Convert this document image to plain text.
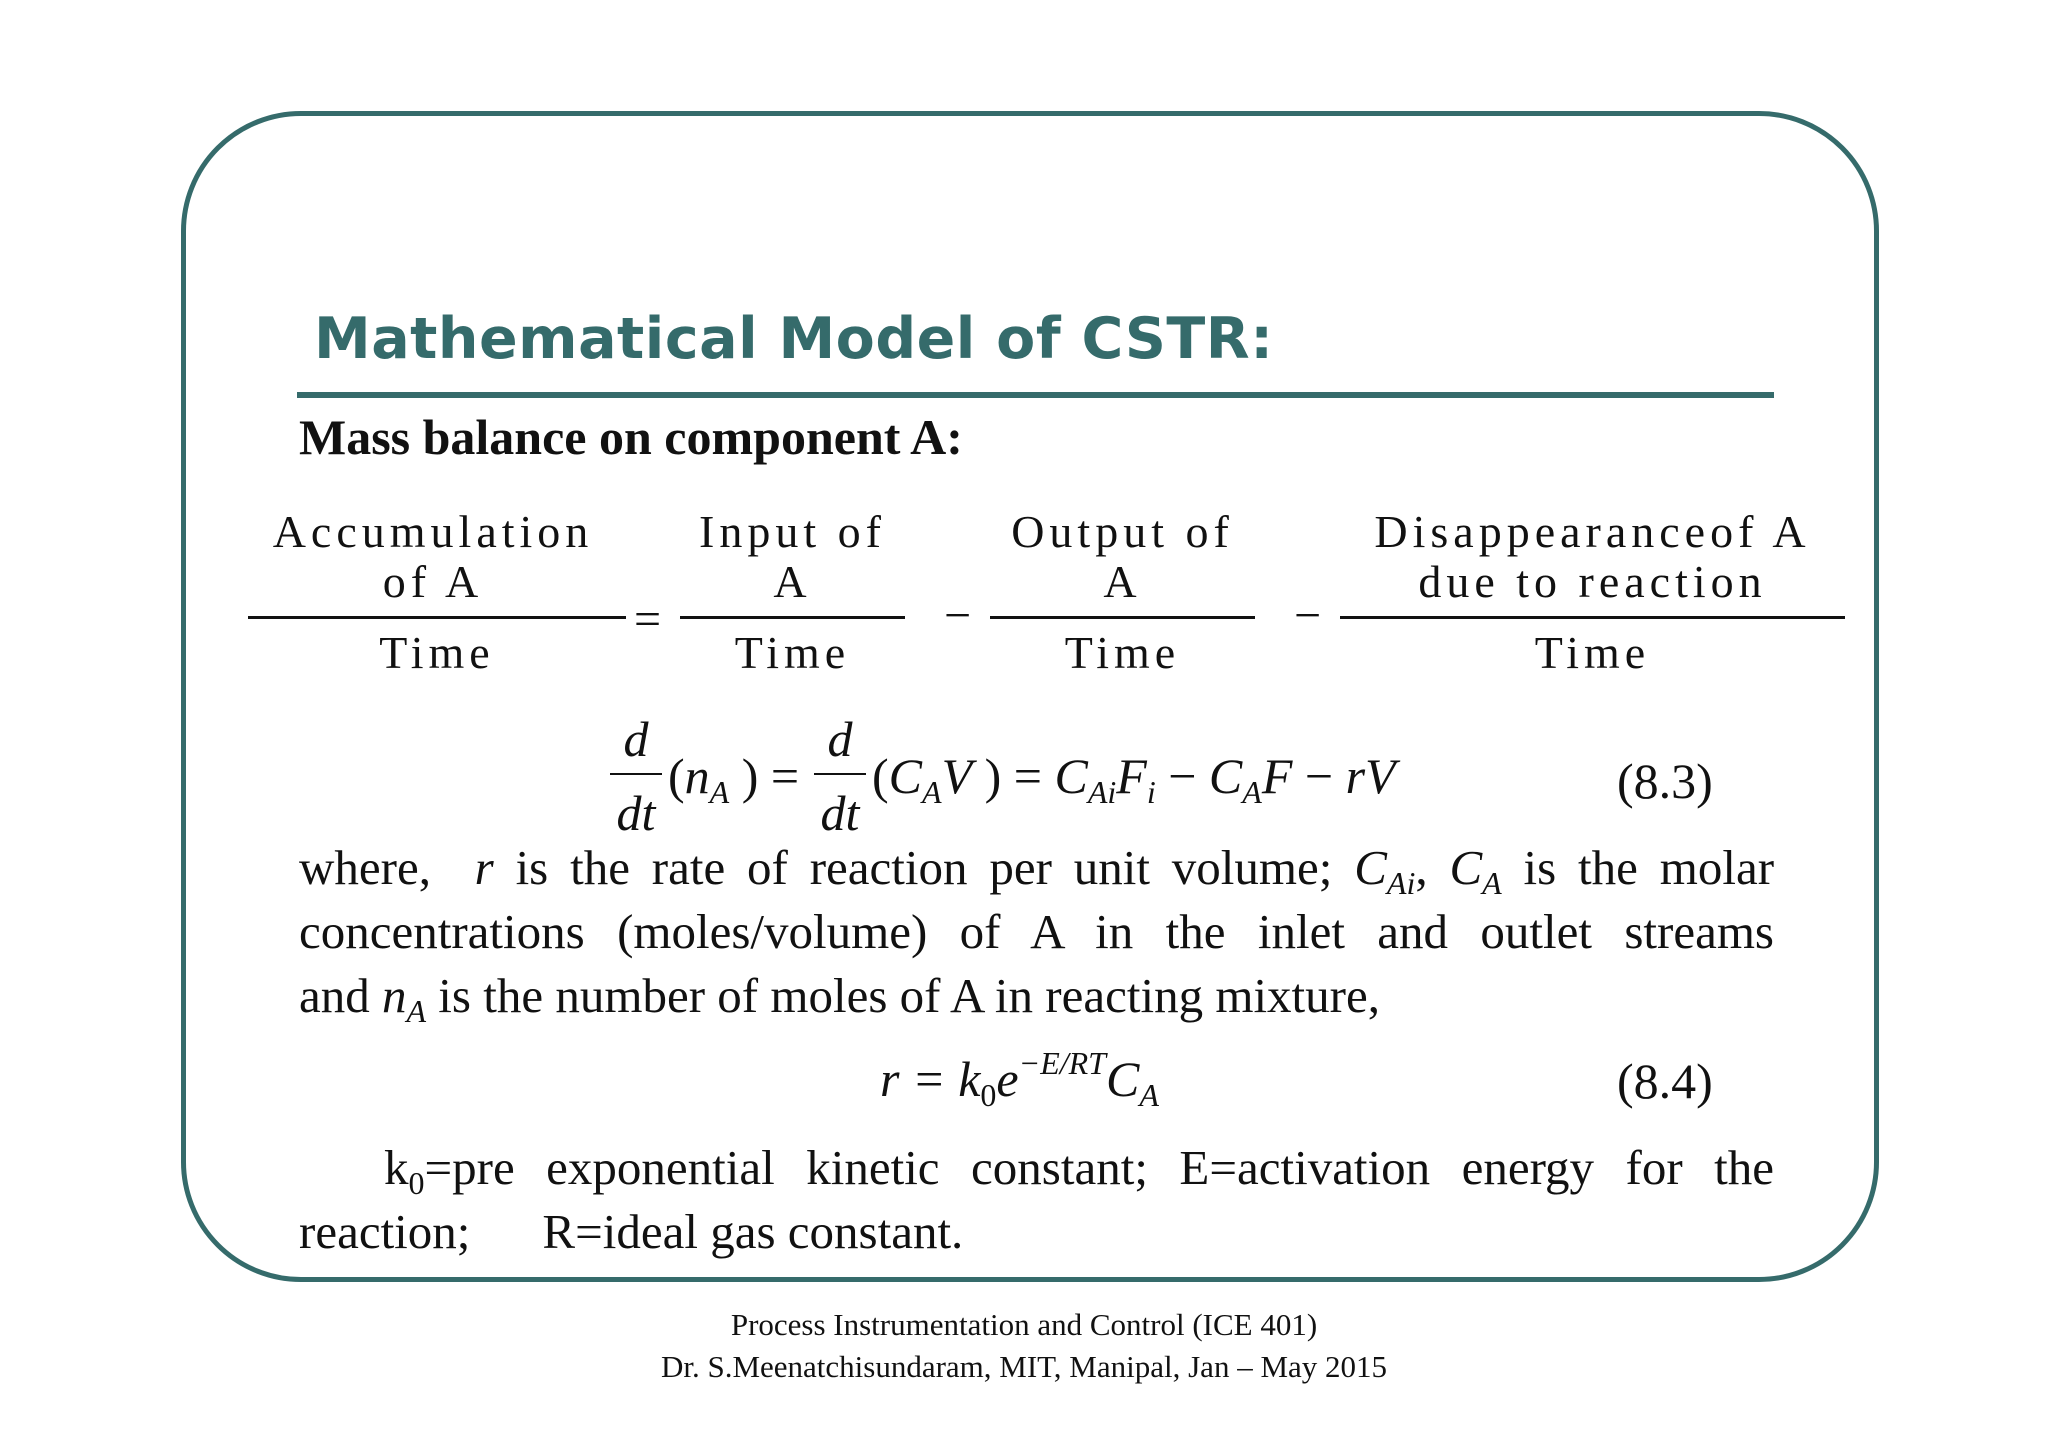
Mathematical Model of CSTR:
Mass balance on component A:
Accumulation
of A
Time
=
Input of
A
Time
−
Output of
A
Time
−
Disappearanceof A
due to reaction
Time
d
dt
($n_A$ ) =
d
dt
($C_AV$ ) = $C_{Ai}F_i - C_AF$ − rV	(8.3)
where, r is the rate of reaction per unit volume; $C_{Ai}$, $C_A$ is the molar
concentrations (moles/volume) of A in the inlet and outlet streams
and $n_A$ is the number of moles of A in reacting mixture,
$r = k_0e^{-E/RT}C_A$	(8.4)
$k_0=pre$ exponential kinetic constant; E=activation energy for the
reaction; R=ideal gas constant.
Process Instrumentation and Control (ICE 401)
Dr. S.Meenatchisundaram, MIT, Manipal, Jan – May 2015
